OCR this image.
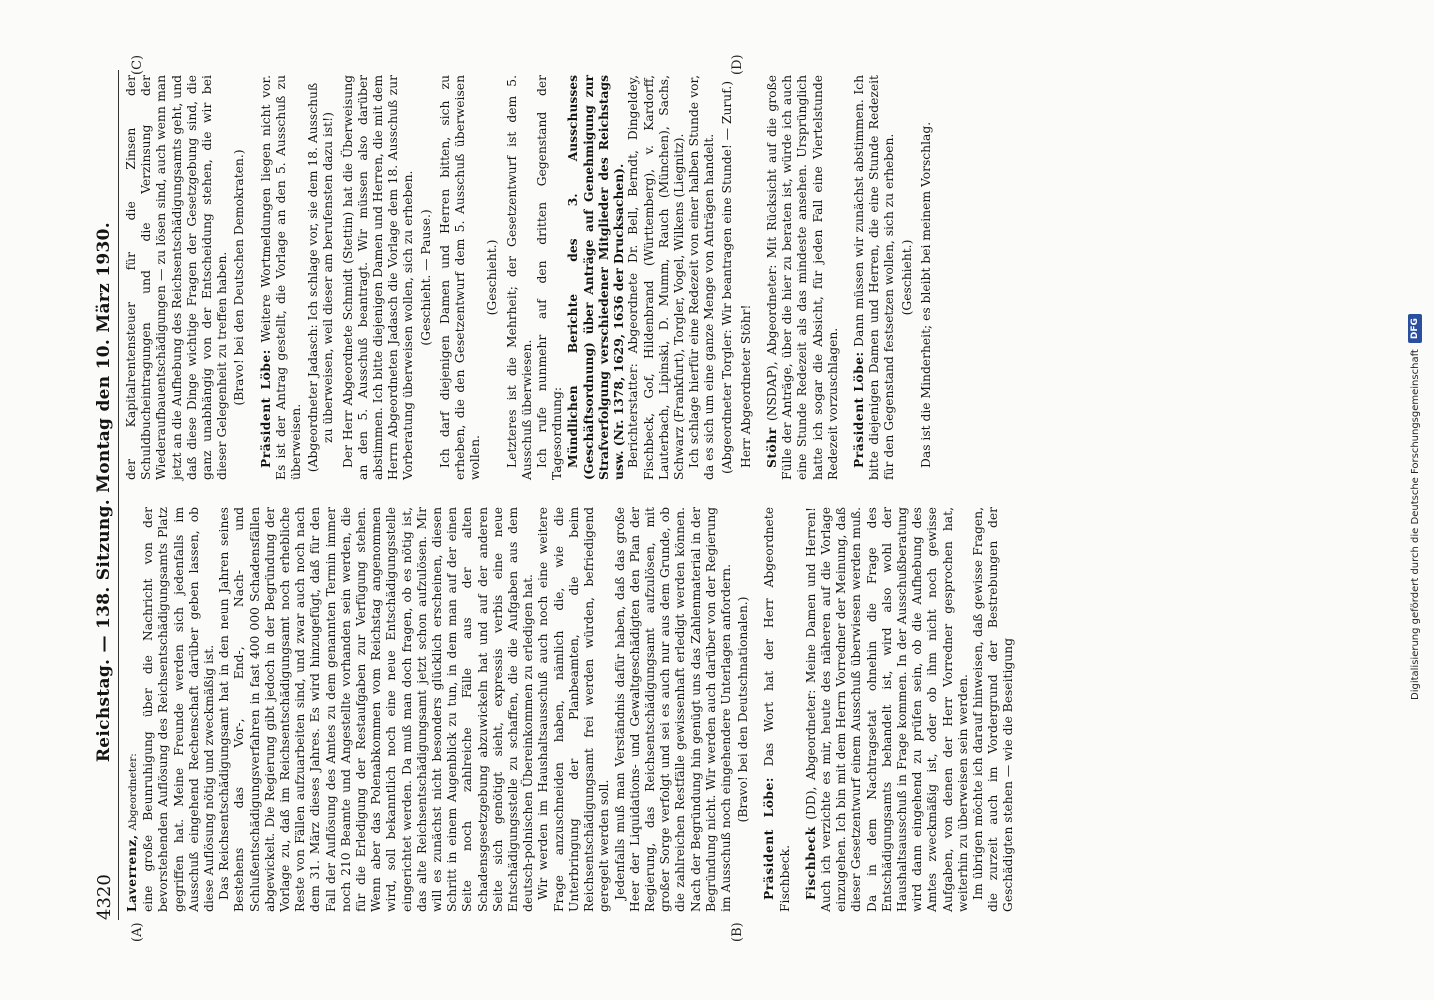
4320
Reichstag. — 138. Sitzung. Montag den 10. März 1930.

Laverrenz, Abgeordneter: eine große Beunruhigung über die Nachricht von der bevorstehenden Auflösung des Reichsentschädigungsamts Platz gegriffen hat. Meine Freunde werden sich jedenfalls im Ausschuß eingehend Rechenschaft darüber geben lassen, ob diese Auflösung nötig und zweckmäßig ist. Das Reichsentschädigungsamt hat in den neun Jahren seines Bestehens das Vor-, End-, Nach- und Schlußentschädigungsverfahren in fast 400 000 Schadensfällen abgewickelt. Die Regierung gibt jedoch in der Begründung der Vorlage zu, daß im Reichsentschädigungsamt noch erhebliche Reste von Fällen aufzuarbeiten sind, und zwar auch noch nach dem 31. März dieses Jahres. Es wird hinzugefügt, daß für den Fall der Auflösung des Amtes zu dem genannten Termin immer noch 210 Beamte und Angestellte vorhanden sein werden, die für die Erledigung der Restaufgaben zur Verfügung stehen. Wenn aber das Polenabkommen vom Reichstag angenommen wird, soll bekanntlich noch eine neue Entschädigungsstelle eingerichtet werden. Da muß man doch fragen, ob es nötig ist, das alte Reichsentschädigungsamt jetzt schon aufzulösen. Mir will es zunächst nicht besonders glücklich erscheinen, diesen Schritt in einem Augenblick zu tun, in dem man auf der einen Seite noch zahlreiche Fälle aus der alten Schadensgesetzgebung abzuwickeln hat und auf der anderen Seite sich genötigt sieht, expressis verbis eine neue Entschädigungsstelle zu schaffen, die die Aufgaben aus dem deutsch-polnischen Übereinkommen zu erledigen hat. Wir werden im Haushaltsausschuß auch noch eine weitere Frage anzuschneiden haben, nämlich die, wie die Unterbringung der Planbeamten, die beim Reichsentschädigungsamt frei werden würden, befriedigend geregelt werden soll. Jedenfalls muß man Verständnis dafür haben, daß das große Heer der Liquidations- und Gewaltgeschädigten den Plan der Regierung, das Reichsentschädigungsamt aufzulösen, mit großer Sorge verfolgt und sei es auch nur aus dem Grunde, ob die zahlreichen Restfälle gewissenhaft erledigt werden können. Nach der Begründung hin genügt uns das Zahlenmaterial in der Begründung nicht. Wir werden auch darüber von der Regierung im Ausschuß noch eingehendere Unterlagen anfordern. (Bravo! bei den Deutschnationalen.)

Präsident Löbe: Das Wort hat der Herr Abgeordnete Fischbeck. Fischbeck (DD), Abgeordneter: Meine Damen und Herren! Auch ich verzichte es mir, heute des näheren auf die Vorlage einzugehen. Ich bin mit dem Herrn Vorredner der Meinung, daß dieser Gesetzentwurf einem Ausschuß überwiesen werden muß. Da in dem Nachtragsetat ohnehin die Frage des Entschädigungsamts behandelt ist, wird also wohl der Haushaltsausschuß in Frage kommen. In der Ausschußberatung wird dann eingehend zu prüfen sein, ob die Aufhebung des Amtes zweckmäßig ist, oder ob ihm nicht noch gewisse Aufgaben, von denen der Herr Vorredner gesprochen hat, weiterhin zu überweisen sein werden. Im übrigen möchte ich darauf hinweisen, daß gewisse Fragen, die zurzeit auch im Vordergrund der Bestrebungen der Geschädigten stehen — wie die Beseitigung

der Kapitalrentensteuer für die Zinsen der Schuldbucheintragungen und die Verzinsung der Wiederaufbauentschädigungen — zu lösen sind, auch wenn man jetzt an die Aufhebung des Reichsentschädigungsamts geht, und daß diese Dinge wichtige Fragen der Gesetzgebung sind, die ganz unabhängig von der Entscheidung stehen, die wir bei dieser Gelegenheit zu treffen haben. (Bravo! bei den Deutschen Demokraten.)

Präsident Löbe: Weitere Wortmeldungen liegen nicht vor. Es ist der Antrag gestellt, die Vorlage an den 5. Ausschuß zu überweisen. (Abgeordneter Jadasch: Ich schlage vor, sie dem 18. Ausschuß zu überweisen, weil dieser am berufensten dazu ist!) Der Herr Abgeordnete Schmidt (Stettin) hat die Überweisung an den 5. Ausschuß beantragt. Wir müssen also darüber abstimmen. Ich bitte diejenigen Damen und Herren, die mit dem Herrn Abgeordneten Jadasch die Vorlage dem 18. Ausschuß zur Vorberatung überweisen wollen, sich zu erheben. (Geschieht. — Pause.) Ich darf diejenigen Damen und Herren bitten, sich zu erheben, die den Gesetzentwurf dem 5. Ausschuß überweisen wollen.

(Geschieht.) Letzteres ist die Mehrheit; der Gesetzentwurf ist dem 5. Ausschuß überwiesen. Ich rufe nunmehr auf den dritten Gegenstand der Tagesordnung: Mündlichen Berichte des 3. Ausschusses (Geschäftsordnung) über Anträge auf Genehmigung zur Strafverfolgung verschiedener Mitglieder des Reichstags usw. (Nr. 1378, 1629, 1636 der Drucksachen). Berichterstatter: Abgeordnete Dr. Bell, Berndt, Dingeldey, Fischbeck, Gof, Hildenbrand (Württemberg), v. Kardorff, Lauterbach, Lipinski, D. Mumm, Rauch (München), Sachs, Schwarz (Frankfurt), Torgler, Vogel, Wilkens (Liegnitz). Ich schlage hierfür eine Redezeit von einer halben Stunde vor, da es sich um eine ganze Menge von Anträgen handelt. (Abgeordneter Torgler: Wir beantragen eine Stunde! — Zuruf.) Herr Abgeordneter Stöhr! Stöhr (NSDAP), Abgeordneter: Mit Rücksicht auf die große Fülle der Anträge, über die hier zu beraten ist, würde ich auch eine Stunde Redezeit als das mindeste ansehen. Ursprünglich hatte ich sogar die Absicht, für jeden Fall eine Viertelstunde Redezeit vorzuschlagen. Präsident Löbe: Dann müssen wir zunächst abstimmen. Ich bitte diejenigen Damen und Herren, die eine Stunde Redezeit für den Gegenstand festsetzen wollen, sich zu erheben. (Geschieht.) Das ist die Minderheit; es bleibt bei meinem Vorschlag.

(A)	(B)
(C)	(D)
Digitalisierung gefördert durch die Deutsche Forschungsgemeinschaft
DFG
